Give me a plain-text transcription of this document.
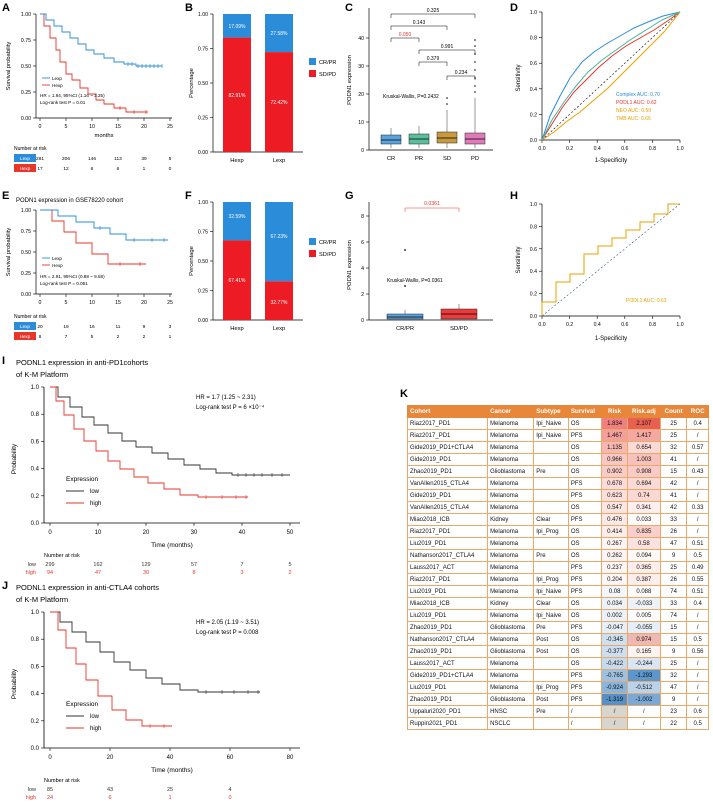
A
0.00
0.25
0.50
0.75
1.00
0	5	10	15	20	25
Lexp
Hexp
HR = 1.94, 95%CI (1.16 ~ 3.25)
Log-rank test P = 0.01
Survival probability
months
Number at risk
Lexp
Hexp
281	206	146	113	39	5
17	12	6	6	1	0
B
0.00
0.25
0.50
0.75
1.00
17.09%
82.91%
27.58%
72.42%
Hexp	Lexp
Percentage
CR/PR
SD/PD
C
0
10
20
30
40
CR	PR	SD	PD
PODN1 expression
0.325
0.143
0.050
0.991
0.379
0.234
Kruskal-Wallis, P=0.2432
D
0.0
0.2
0.4
0.6
0.8
1.0
0.0	0.2	0.4	0.6	0.8	1.0
Complex AUC: 0.70
PODL1 AUC: 0.62
NEO AUC: 0.59
TMB AUC: 0.66
Sensitivity
1-Specificity
E PODN1 expression in GSE78220 cohort
0.00
0.25
0.50
0.75
1.00
0	5	10	15	20	25
Lexp
Hexp
HR = 2.91, 95%CI (0.88 ~ 9.58)
Log-rank test P = 0.051
Survival probability
Number at risk
Lexp
Hexp
20	19	16	11	9	3
8	7	5	2	2	1
F
0.00
0.25
0.50
0.75
1.00
32.59%
67.41%
67.23%
32.77%
Hexp	Lexp
Percentage
CR/PR
SD/PD
G
0
2
4
6
8
CR/PR	SD/PD
PODN1 expression
0.0361
Kruskal-Wallis, P=0.0361
H
0.0
0.2
0.4
0.6
0.8
1.0
0.0	0.2	0.4	0.6	0.8	1.0
PODL1 AUC: 0.63
Sensitivity
1-Specificity
I PODNL1 expression in anti-PD1cohorts
of K-M Platform
0.0
0.2
0.4
0.6
0.8
1.0
0	10	20	30	40	50
HR = 1.7 (1.25 ~ 2.31)
Log-rank test P = 6 ×10⁻⁴
Expression
low
high
Probability
Time (months)
Number at risk
low
high
299	162	129	57	7	5
94	47	30	8	3	2
J PODNL1 expression in anti-CTLA4 cohorts
of K-M Platform
0.0
0.2
0.4
0.6
0.8
1.0
0	20	40	60	80
HR = 2.05 (1.19 ~ 3.51)
Log-rank test P = 0.008
Expression
low
high
Probability
Time (months)
Number at risk
low
high
85	43	25	4
24	6	1	0
K
Cohort	Cancer	Subtype	Survival	Risk	Risk.adj	Count	ROC
Riaz2017_PD1	Melanoma	Ipi_Naive	OS	1.834	2.107	25	0.4
Riaz2017_PD1	Melanoma	Ipi_Naive	PFS	1.467	1.417	25	/
Gide2019_PD1+CTLA4	Melanoma		OS	1.135	0.654	32	0.57
Gide2019_PD1	Melanoma		OS	0.966	1.003	41	/
Zhao2019_PD1	Glioblastoma	Pre	OS	0.902	0.908	15	0.43
VanAllen2015_CTLA4	Melanoma		PFS	0.678	0.694	42	/
Gide2019_PD1	Melanoma		PFS	0.623	0.74	41	/
VanAllen2015_CTLA4	Melanoma		OS	0.547	0.341	42	0.33
Miao2018_ICB	Kidney	Clear	PFS	0.476	0.033	33	/
Riaz2017_PD1	Melanoma	Ipi_Prog	OS	0.414	0.835	26	/
Liu2019_PD1	Melanoma		OS	0.267	0.58	47	0.51
Nathanson2017_CTLA4	Melanoma	Pre	OS	0.262	0.094	9	0.5
Lauss2017_ACT	Melanoma		PFS	0.237	0.365	25	0.49
Riaz2017_PD1	Melanoma	Ipi_Prog	PFS	0.204	0.387	26	0.55
Liu2019_PD1	Melanoma	Ipi_Naive	PFS	0.08	0.088	74	0.51
Miao2018_ICB	Kidney	Clear	OS	0.034	-0.033	33	0.4
Liu2019_PD1	Melanoma	Ipi_Naive	OS	0.002	0.005	74	/
Zhao2019_PD1	Glioblastoma	Pre	PFS	-0.047	-0.055	15	/
Nathanson2017_CTLA4	Melanoma	Post	OS	-0.345	0.974	15	0.5
Zhao2019_PD1	Glioblastoma	Post	OS	-0.377	0.165	9	0.56
Lauss2017_ACT	Melanoma		OS	-0.422	-0.244	25	/
Gide2019_PD1+CTLA4	Melanoma		PFS	-0.765	-1.293	32	/
Liu2019_PD1	Melanoma	Ipi_Prog	PFS	-0.924	-0.512	47	/
Zhao2019_PD1	Glioblastoma	Post	PFS	-1.319	-1.002	9	/
Uppaluri2020_PD1	HNSC	Pre	/	/	/	23	0.6
Ruppin2021_PD1	NSCLC		/	/	/	22	0.5
